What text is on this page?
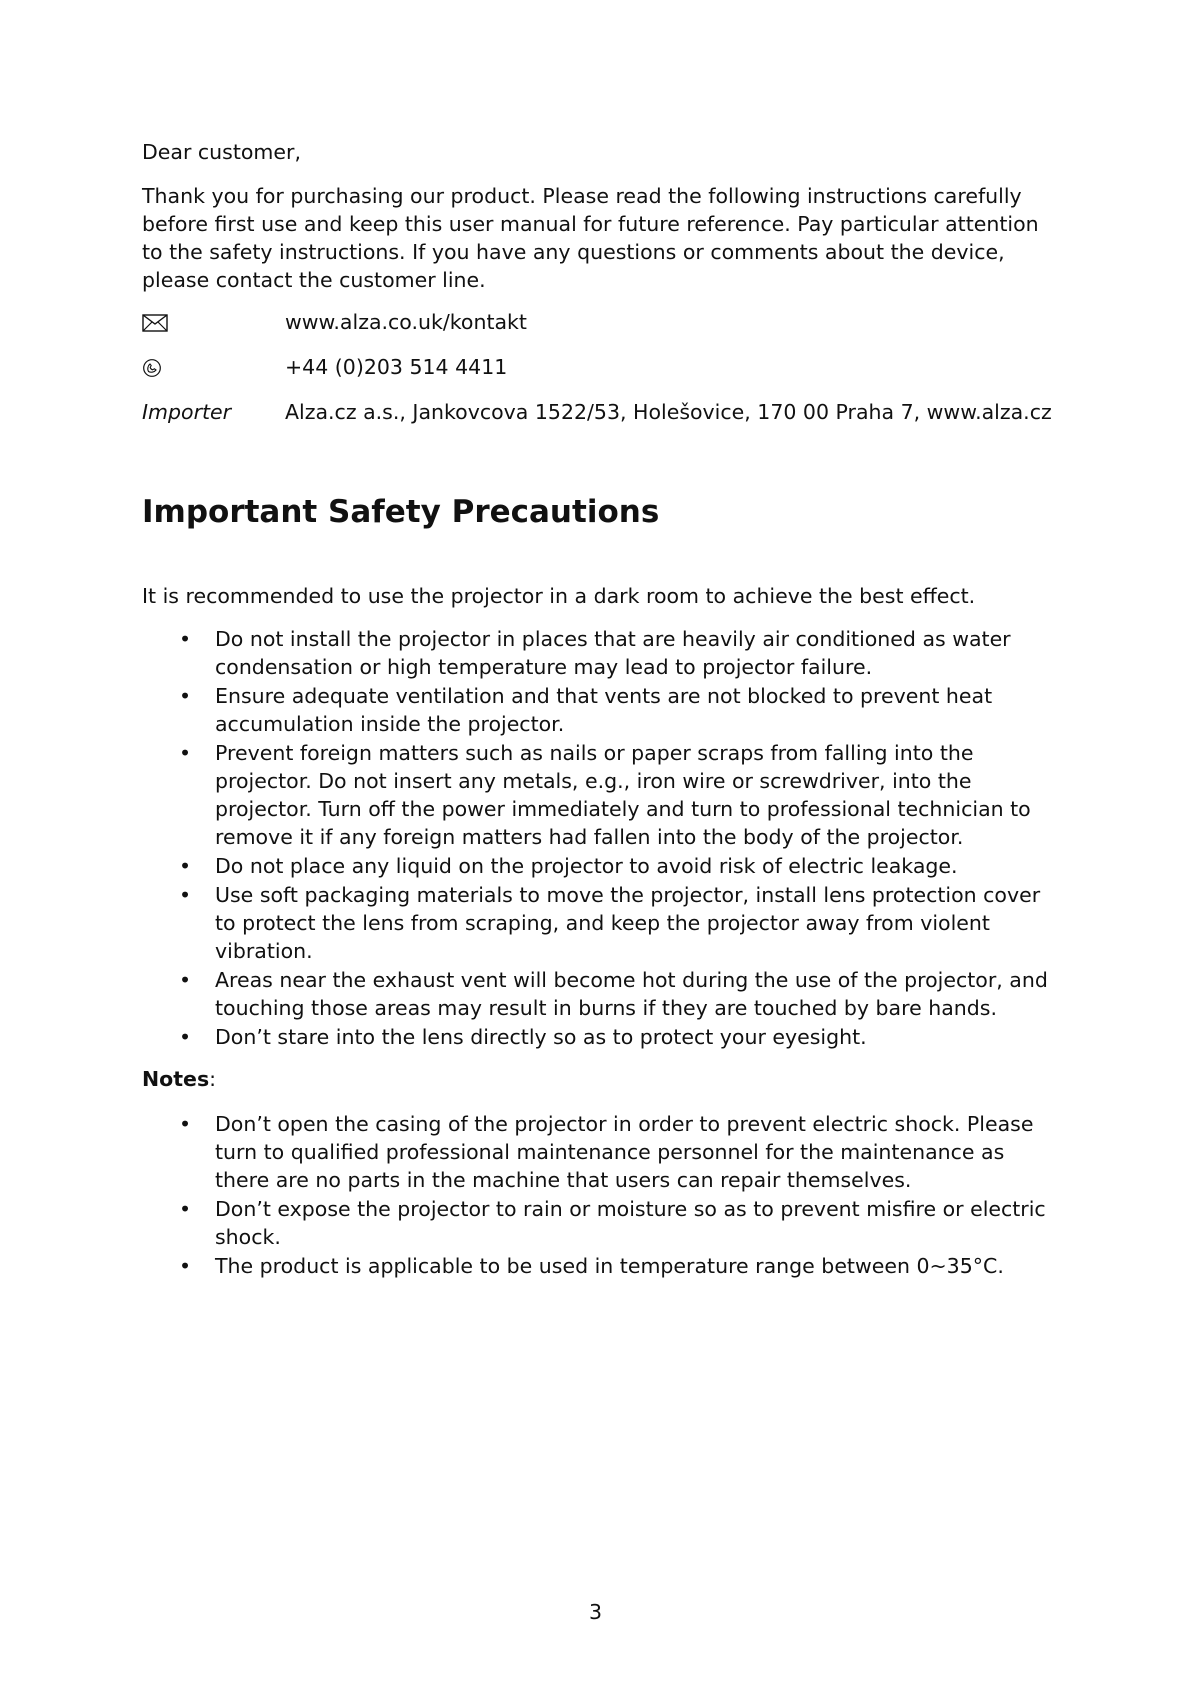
Dear customer,

Thank you for purchasing our product. Please read the following instructions carefully before first use and keep this user manual for future reference. Pay particular attention to the safety instructions. If you have any questions or comments about the device, please contact the customer line.

www.alza.co.uk/kontakt
+44 (0)203 514 4411
Importer	Alza.cz a.s., Jankovcova 1522/53, Holešovice, 170 00 Praha 7, www.alza.cz
Important Safety Precautions

It is recommended to use the projector in a dark room to achieve the best effect.

• Do not install the projector in places that are heavily air conditioned as water condensation or high temperature may lead to projector failure.
• Ensure adequate ventilation and that vents are not blocked to prevent heat accumulation inside the projector.
• Prevent foreign matters such as nails or paper scraps from falling into the projector. Do not insert any metals, e.g., iron wire or screwdriver, into the projector. Turn off the power immediately and turn to professional technician to remove it if any foreign matters had fallen into the body of the projector.
• Do not place any liquid on the projector to avoid risk of electric leakage.
• Use soft packaging materials to move the projector, install lens protection cover to protect the lens from scraping, and keep the projector away from violent vibration.
• Areas near the exhaust vent will become hot during the use of the projector, and touching those areas may result in burns if they are touched by bare hands.
• Don’t stare into the lens directly so as to protect your eyesight.

Notes:

• Don’t open the casing of the projector in order to prevent electric shock. Please turn to qualified professional maintenance personnel for the maintenance as there are no parts in the machine that users can repair themselves.
• Don’t expose the projector to rain or moisture so as to prevent misfire or electric shock.
• The product is applicable to be used in temperature range between 0~35°C.
3
